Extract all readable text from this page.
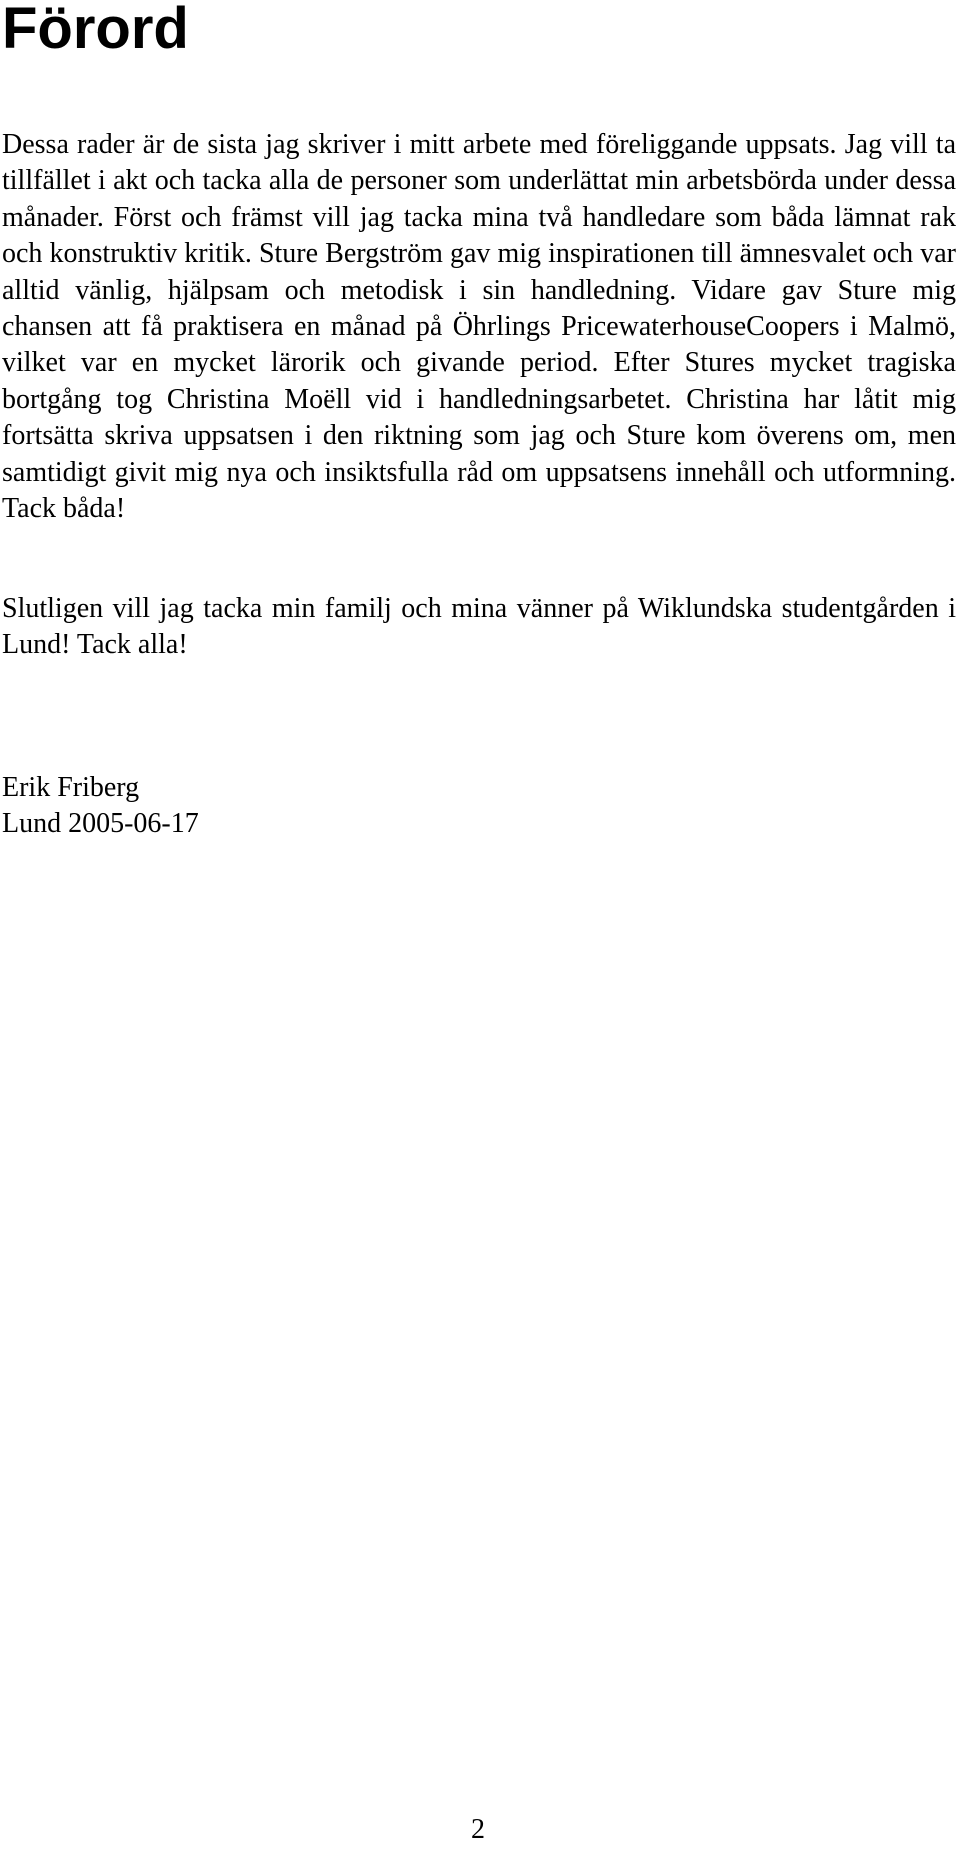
Förord

Dessa rader är de sista jag skriver i mitt arbete med föreliggande uppsats. Jag vill ta tillfället i akt och tacka alla de personer som underlättat min arbetsbörda under dessa månader. Först och främst vill jag tacka mina två handledare som båda lämnat rak och konstruktiv kritik. Sture Bergström gav mig inspirationen till ämnesvalet och var alltid vänlig, hjälpsam och metodisk i sin handledning. Vidare gav Sture mig chansen att få praktisera en månad på Öhrlings PricewaterhouseCoopers i Malmö, vilket var en mycket lärorik och givande period. Efter Stures mycket tragiska bortgång tog Christina Moëll vid i handledningsarbetet. Christina har låtit mig fortsätta skriva uppsatsen i den riktning som jag och Sture kom överens om, men samtidigt givit mig nya och insiktsfulla råd om uppsatsens innehåll och utformning. Tack båda!

Slutligen vill jag tacka min familj och mina vänner på Wiklundska studentgården i Lund! Tack alla!

Erik Friberg
Lund 2005-06-17
2
